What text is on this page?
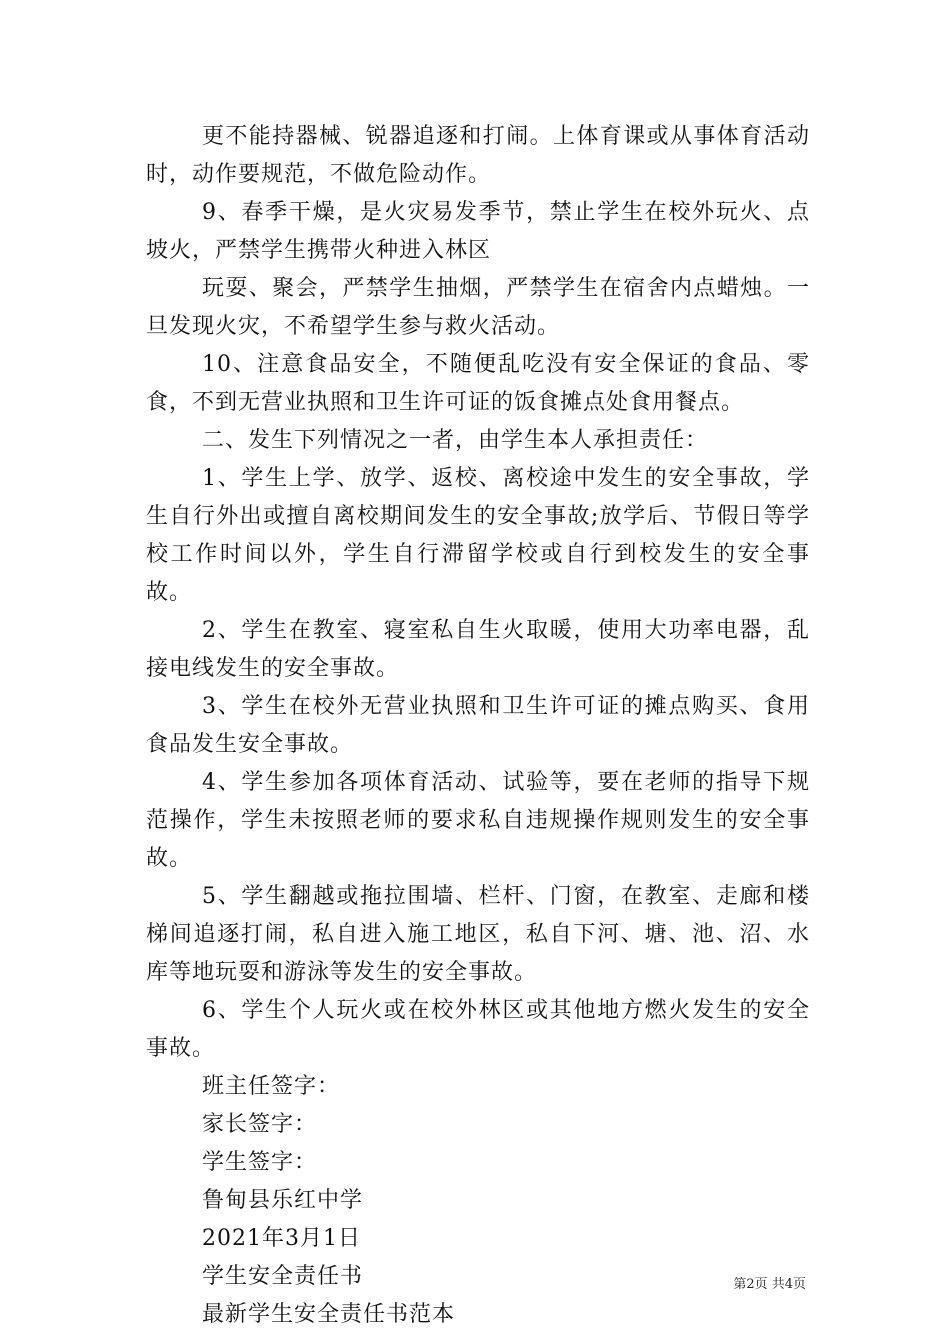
更不能持器械、锐器追逐和打闹。上体育课或从事体育活动时，动作要规范，不做危险动作。

9、春季干燥，是火灾易发季节，禁止学生在校外玩火、点坡火，严禁学生携带火种进入林区

玩耍、聚会，严禁学生抽烟，严禁学生在宿舍内点蜡烛。一旦发现火灾，不希望学生参与救火活动。

10、注意食品安全，不随便乱吃没有安全保证的食品、零食，不到无营业执照和卫生许可证的饭食摊点处食用餐点。

二、发生下列情况之一者，由学生本人承担责任：

1、学生上学、放学、返校、离校途中发生的安全事故，学生自行外出或擅自离校期间发生的安全事故;放学后、节假日等学校工作时间以外，学生自行滞留学校或自行到校发生的安全事故。

2、学生在教室、寝室私自生火取暖，使用大功率电器，乱接电线发生的安全事故。

3、学生在校外无营业执照和卫生许可证的摊点购买、食用食品发生安全事故。

4、学生参加各项体育活动、试验等，要在老师的指导下规范操作，学生未按照老师的要求私自违规操作规则发生的安全事故。

5、学生翻越或拖拉围墙、栏杆、门窗，在教室、走廊和楼梯间追逐打闹，私自进入施工地区，私自下河、塘、池、沼、水库等地玩耍和游泳等发生的安全事故。

6、学生个人玩火或在校外林区或其他地方燃火发生的安全事故。

班主任签字：

家长签字：

学生签字：

鲁甸县乐红中学

2021年3月1日

学生安全责任书

最新学生安全责任书范本

第2页 共4页
